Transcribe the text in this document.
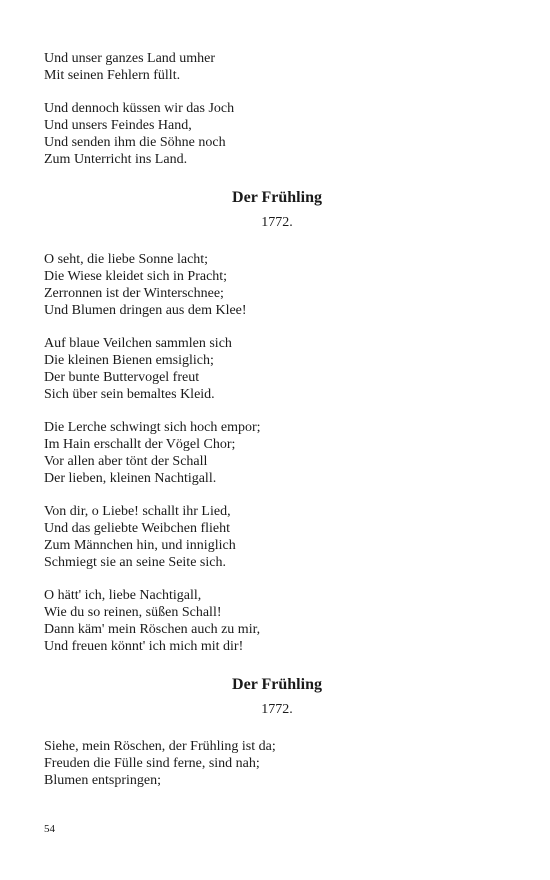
Und unser ganzes Land umher
Mit seinen Fehlern füllt.
Und dennoch küssen wir das Joch
Und unsers Feindes Hand,
Und senden ihm die Söhne noch
Zum Unterricht ins Land.
Der Frühling
1772.
O seht, die liebe Sonne lacht;
Die Wiese kleidet sich in Pracht;
Zerronnen ist der Winterschnee;
Und Blumen dringen aus dem Klee!
Auf blaue Veilchen sammlen sich
Die kleinen Bienen emsiglich;
Der bunte Buttervogel freut
Sich über sein bemaltes Kleid.
Die Lerche schwingt sich hoch empor;
Im Hain erschallt der Vögel Chor;
Vor allen aber tönt der Schall
Der lieben, kleinen Nachtigall.
Von dir, o Liebe! schallt ihr Lied,
Und das geliebte Weibchen flieht
Zum Männchen hin, und inniglich
Schmiegt sie an seine Seite sich.
O hätt' ich, liebe Nachtigall,
Wie du so reinen, süßen Schall!
Dann käm' mein Röschen auch zu mir,
Und freuen könnt' ich mich mit dir!
Der Frühling
1772.
Siehe, mein Röschen, der Frühling ist da;
Freuden die Fülle sind ferne, sind nah;
Blumen entspringen;
54
